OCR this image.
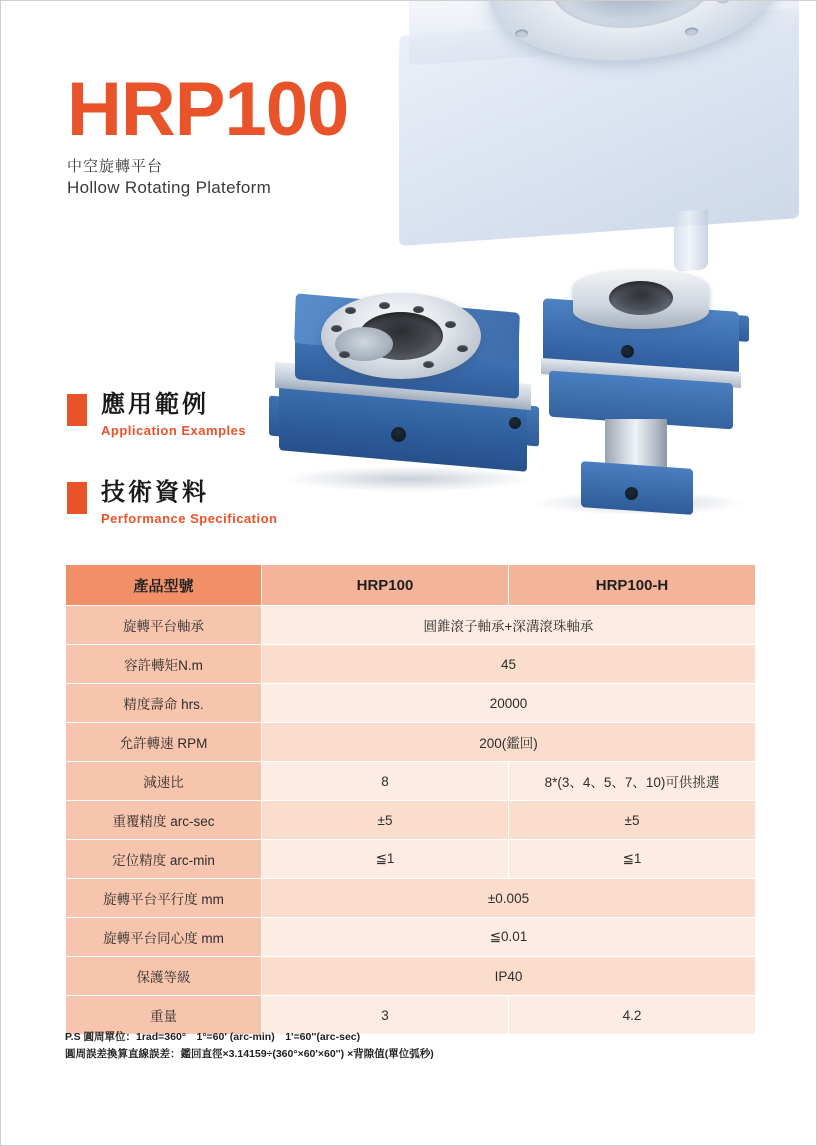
HRP100
中空旋轉平台
Hollow Rotating Plateform
應用範例
Application Examples
技術資料
Performance Specification
產品型號	HRP100	HRP100-H
旋轉平台軸承	圓錐滾子軸承+深溝滾珠軸承	
容許轉矩N.m	45	
精度壽命 hrs.	20000	
允許轉速 RPM	200(鑑回)	
減速比	8	8*(3、4、5、7、10)可供挑選
重覆精度 arc-sec	±5	±5
定位精度 arc-min	≦1	≦1
旋轉平台平行度 mm	±0.005	
旋轉平台同心度 mm	≦0.01	
保護等級	IP40	
重量	3	4.2
P.S 圓周單位：1rad=360°　1°=60' (arc-min)　1'=60''(arc-sec)
圓周誤差換算直線誤差：鑑回直徑×3.14159÷(360°×60'×60'') ×背隙值(單位弧秒)
